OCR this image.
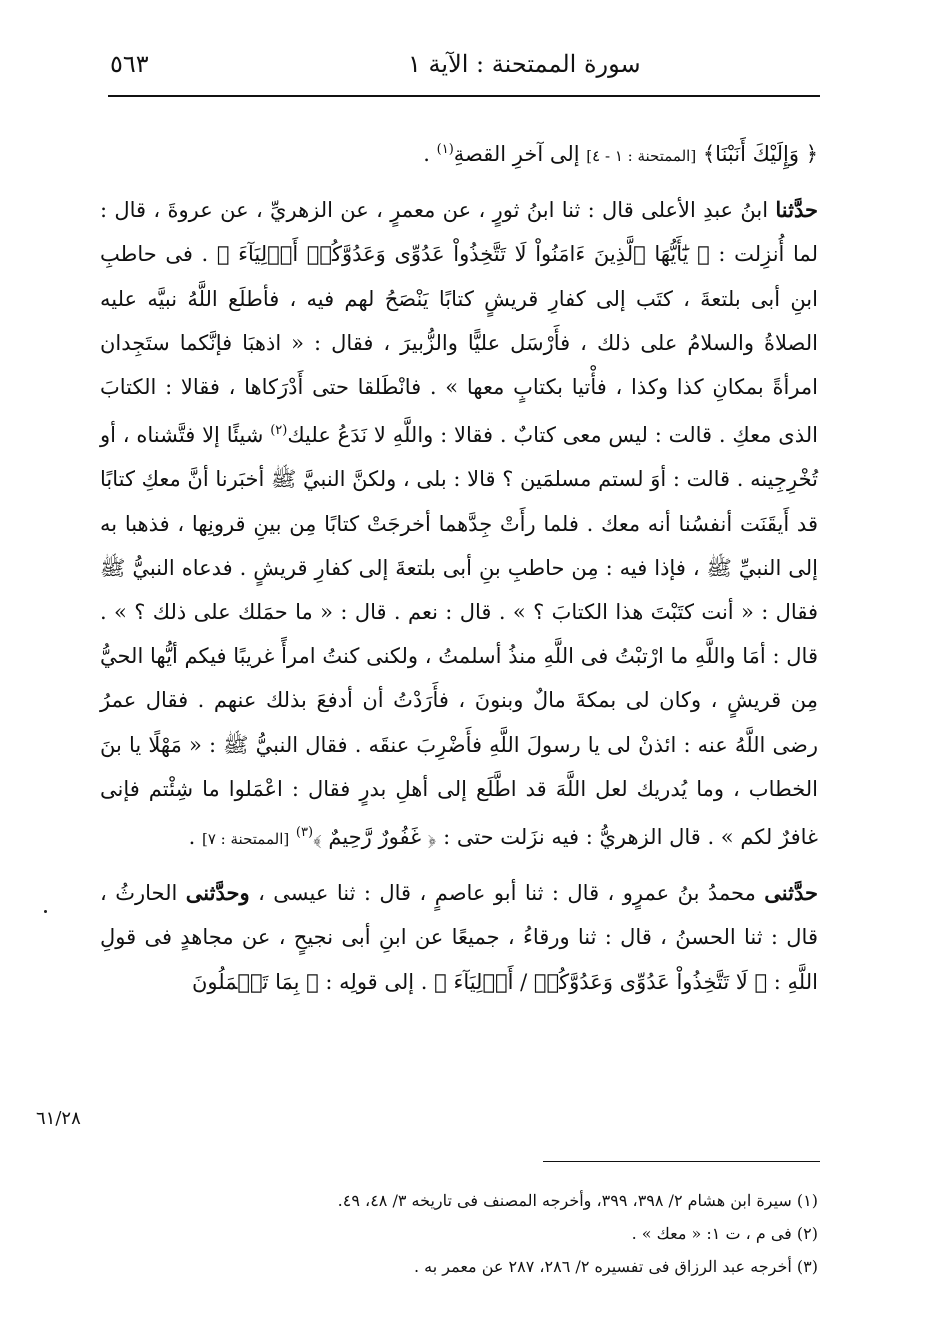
٥٦٣	سورة الممتحنة : الآية ١

﴿ وَإِلَيْكَ أَنَبْنَا﴾ [الممتحنة : ١ - ٤] إلى آخرِ القصةِ$^{(١)}$ .

حدَّثنا ابنُ عبدِ الأعلى قال : ثنا ابنُ ثورٍ ، عن معمرٍ ، عن الزهريِّ ، عن عروةَ ، قال : لما أُنزِلت : ﴿ يَٰٓأَيُّهَا ٱلَّذِينَ ءَامَنُواْ لَا تَتَّخِذُواْ عَدُوِّى وَعَدُوَّكُمۡ أَوۡلِيَآءَ ﴾ . فى حاطبِ ابنِ أبى بلتعةَ ، كتَب إلى كفارِ قريشٍ كتابًا يَنْصَحُ لهم فيه ، فأطلَع اللَّهُ نبيَّه عليه الصلاةُ والسلامُ على ذلك ، فأَرْسَل عليًّا والزُّبيرَ ، فقال : « اذهبَا فإنَّكما ستَجِدان امرأةً بمكانِ كذا وكذا ، فأْتيا بكتابٍ معها » . فانْطَلقا حتى أَدْرَكاها ، فقالا : الكتابَ الذى معكِ . قالت : ليس معى كتابٌ . فقالا : واللَّهِ لا نَدَعُ عليك$^{(٢)}$ شيئًا إلا فتَّشناه ، أو تُخْرِجِينه . قالت : أوَ لستم مسلمَين ؟ قالا : بلى ، ولكنَّ النبيَّ ﷺ أخبَرنا أنَّ معكِ كتابًا قد أَيقَنَت أنفسُنا أنه معك . فلما رأَتْ جِدَّهما أخرجَتْ كتابًا مِن بينِ قرونِها ، فذهبا به إلى النبيِّ ﷺ ، فإذا فيه : مِن حاطبِ بنِ أبى بلتعةَ إلى كفارِ قريشٍ . فدعاه النبيُّ ﷺ فقال : « أنت كتَبْتَ هذا الكتابَ ؟ » . قال : نعم . قال : « ما حمَلك على ذلك ؟ » . قال : أمَا واللَّهِ ما ارْتبْتُ فى اللَّهِ منذُ أسلمتُ ، ولكنى كنتُ امرأً غريبًا فيكم أيُّها الحيُّ مِن قريشٍ ، وكان لى بمكةَ مالٌ وبنونَ ، فأَرَدْتُ أن أدفعَ بذلك عنهم . فقال عمرُ رضى اللَّهُ عنه : ائذنْ لى يا رسولَ اللَّهِ فأَضْرِبَ عنقَه . فقال النبيُّ ﷺ : « مَهْلًا يا بنَ الخطاب ، وما يُدريك لعل اللَّهَ قد اطَّلَع إلى أهلِ بدرٍ فقال : اعْمَلوا ما شِئْتم فإنى غافرٌ لكم » . قال الزهريُّ : فيه نزَلت حتى : ﴿ غَفُورٌ رَّحِيمٌ ﴾$^{(٣)}$ [الممتحنة : ٧] .

حدَّثنى محمدُ بنُ عمرٍو ، قال : ثنا أبو عاصمٍ ، قال : ثنا عيسى ، وحدَّثنى الحارثُ ، قال : ثنا الحسنُ ، قال : ثنا ورقاءُ ، جميعًا عن ابنِ أبى نجيحٍ ، عن مجاهدٍ فى قولِ اللَّهِ : ﴿ لَا تَتَّخِذُواْ عَدُوِّى وَعَدُوَّكُمۡ / أَوۡلِيَآءَ ﴾ . إلى قولِه : ﴿ بِمَا تَعۡمَلُونَ

٦١/٢٨

(١) سيرة ابن هشام ٢/ ٣٩٨، ٣٩٩، وأخرجه المصنف فى تاريخه ٣/ ٤٨، ٤٩.

(٢) فى م ، ت ١: « معك » .

(٣) أخرجه عبد الرزاق فى تفسيره ٢/ ٢٨٦، ٢٨٧ عن معمر به .
